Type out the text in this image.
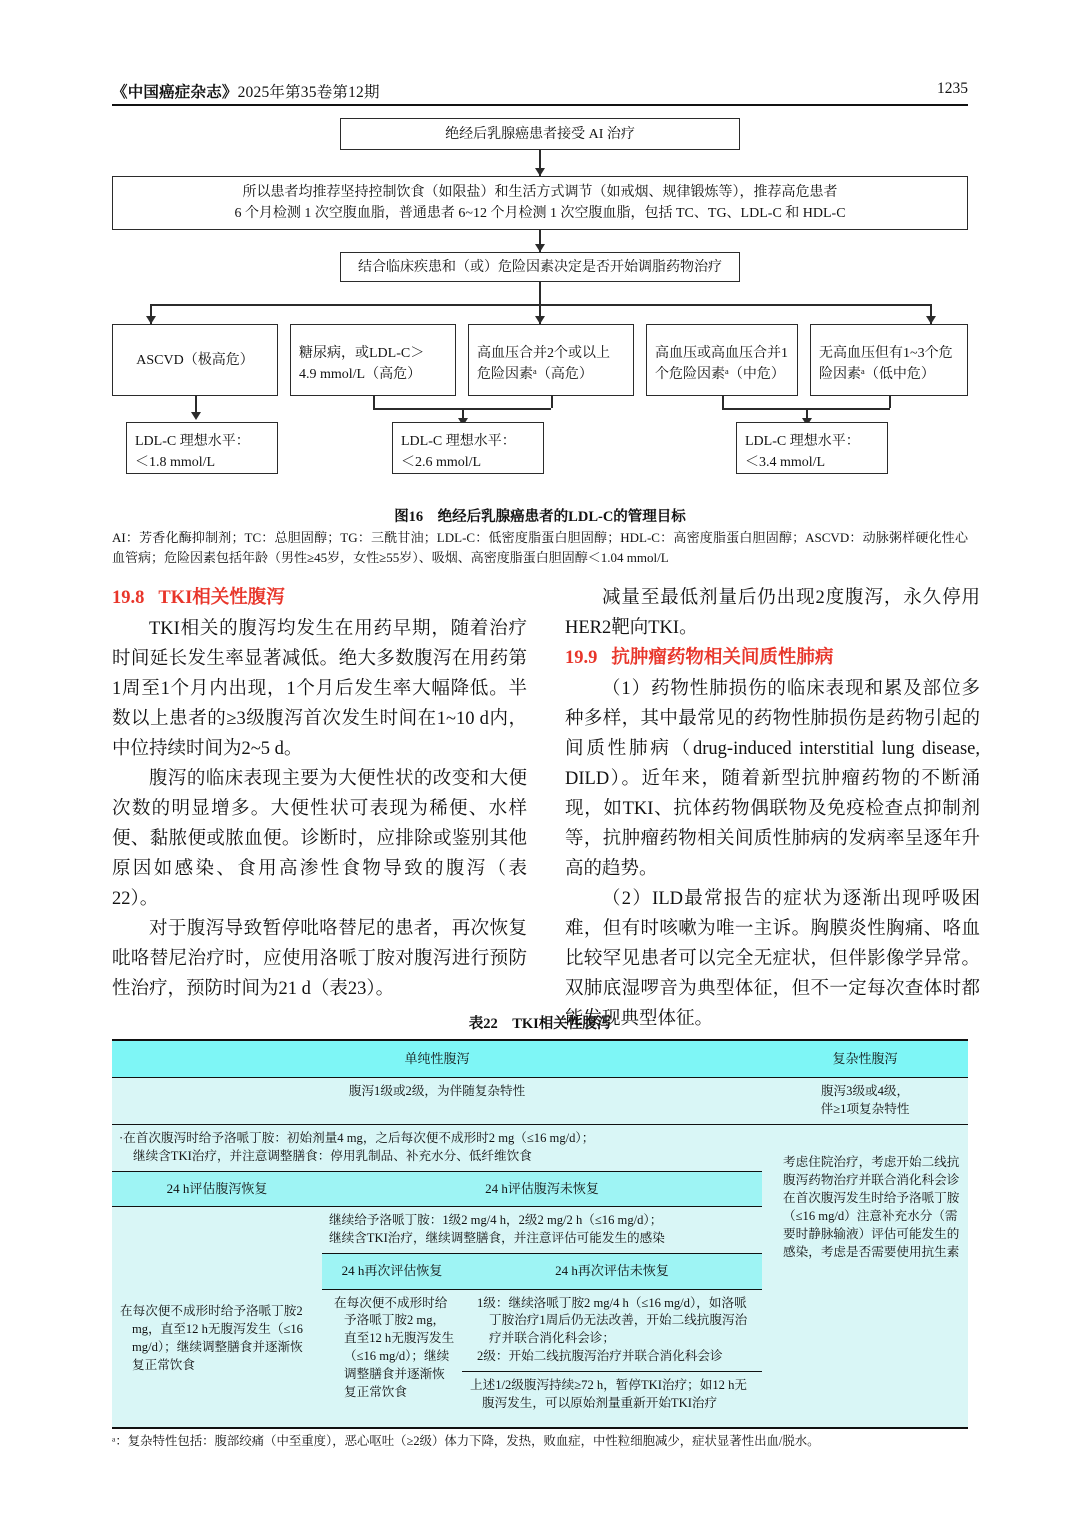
《中国癌症杂志》2025年第35卷第12期	1235
绝经后乳腺癌患者接受 AI 治疗
所以患者均推荐坚持控制饮食（如限盐）和生活方式调节（如戒烟、规律锻炼等），推荐高危患者
6 个月检测 1 次空腹血脂，普通患者 6~12 个月检测 1 次空腹血脂，包括 TC、TG、LDL-C 和 HDL-C
结合临床疾患和（或）危险因素决定是否开始调脂药物治疗
ASCVD（极高危）	糖尿病，或LDL-C＞
4.9 mmol/L（高危）
高血压合并2个或以上
危险因素ᵃ（高危）
高血压或高血压合并1
个危险因素ᵃ（中危）
无高血压但有1~3个危
险因素ᵃ（低中危）
LDL-C 理想水平：
＜1.8 mmol/L
LDL-C 理想水平：
＜2.6 mmol/L
LDL-C 理想水平：
＜3.4 mmol/L
图16　绝经后乳腺癌患者的LDL-C的管理目标
AI：芳香化酶抑制剂；TC：总胆固醇；TG：三酰甘油；LDL-C：低密度脂蛋白胆固醇；HDL-C：高密度脂蛋白胆固醇；ASCVD：动脉粥样硬化性心血管病；危险因素包括年龄（男性≥45岁，女性≥55岁）、吸烟、高密度脂蛋白胆固醇＜1.04 mmol/L
19.8 TKI相关性腹泻

TKI相关的腹泻均发生在用药早期，随着治疗时间延长发生率显著减低。绝大多数腹泻在用药第1周至1个月内出现，1个月后发生率大幅降低。半数以上患者的≥3级腹泻首次发生时间在1~10 d内，中位持续时间为2~5 d。

腹泻的临床表现主要为大便性状的改变和大便次数的明显增多。大便性状可表现为稀便、水样便、黏脓便或脓血便。诊断时，应排除或鉴别其他原因如感染、食用高渗性食物导致的腹泻（表22）。

对于腹泻导致暂停吡咯替尼的患者，再次恢复吡咯替尼治疗时，应使用洛哌丁胺对腹泻进行预防性治疗，预防时间为21 d（表23）。

减量至最低剂量后仍出现2度腹泻，永久停用HER2靶向TKI。

19.9 抗肿瘤药物相关间质性肺病

（1）药物性肺损伤的临床表现和累及部位多种多样，其中最常见的药物性肺损伤是药物引起的间质性肺病（drug-induced interstitial lung disease, DILD）。近年来，随着新型抗肿瘤药物的不断涌现，如TKI、抗体药物偶联物及免疫检查点抑制剂等，抗肿瘤药物相关间质性肺病的发病率呈逐年升高的趋势。

（2）ILD最常报告的症状为逐渐出现呼吸困难，但有时咳嗽为唯一主诉。胸膜炎性胸痛、咯血比较罕见患者可以完全无症状，但伴影像学异常。双肺底湿啰音为典型体征，但不一定每次查体时都能发现典型体征。

表22　TKI相关性腹泻
单纯性腹泻			复杂性腹泻
腹泻1级或2级，为伴随复杂特性			腹泻3级或4级，
伴≥1项复杂特性

·在首次腹泻时给予洛哌丁胺：初始剂量4 mg，之后每次便不成形时2 mg（≤16 mg/d）；
继续含TKI治疗，并注意调整膳食：停用乳制品、补充水分、低纤维饮食	考虑住院治疗，考虑开始二线抗腹泻药物治疗并联合消化科会诊
在首次腹泻发生时给予洛哌丁胺（≤16 mg/d）注意补充水分（需要时静脉输液）评估可能发生的感染，考虑是否需要使用抗生素

24 h评估腹泻恢复	24 h评估腹泻未恢复		
在每次便不成形时给予洛哌丁胺2 mg，直至12 h无腹泻发生（≤16 mg/d）；继续调整膳食并逐渐恢复正常饮食	继续给予洛哌丁胺：1级2 mg/4 h，2级2 mg/2 h（≤16 mg/d）；
继续含TKI治疗，继续调整膳食，并注意评估可能发生的感染		

	24 h再次评估恢复	24 h再次评估未恢复	
	在每次便不成形时给予洛哌丁胺2 mg，直至12 h无腹泻发生（≤16 mg/d）；继续调整膳食并逐渐恢复正常饮食	1级：继续洛哌丁胺2 mg/4 h（≤16 mg/d），如洛哌丁胺治疗1周后仍无法改善，开始二线抗腹泻治疗并联合消化科会诊；
2级：开始二线抗腹泻治疗并联合消化科会诊	

		上述1/2级腹泻持续≥72 h，暂停TKI治疗；如12 h无腹泻发生，可以原始剂量重新开始TKI治疗	
ᵃ：复杂特性包括：腹部绞痛（中至重度），恶心呕吐（≥2级）体力下降，发热，败血症，中性粒细胞减少，症状显著性出血/脱水。
